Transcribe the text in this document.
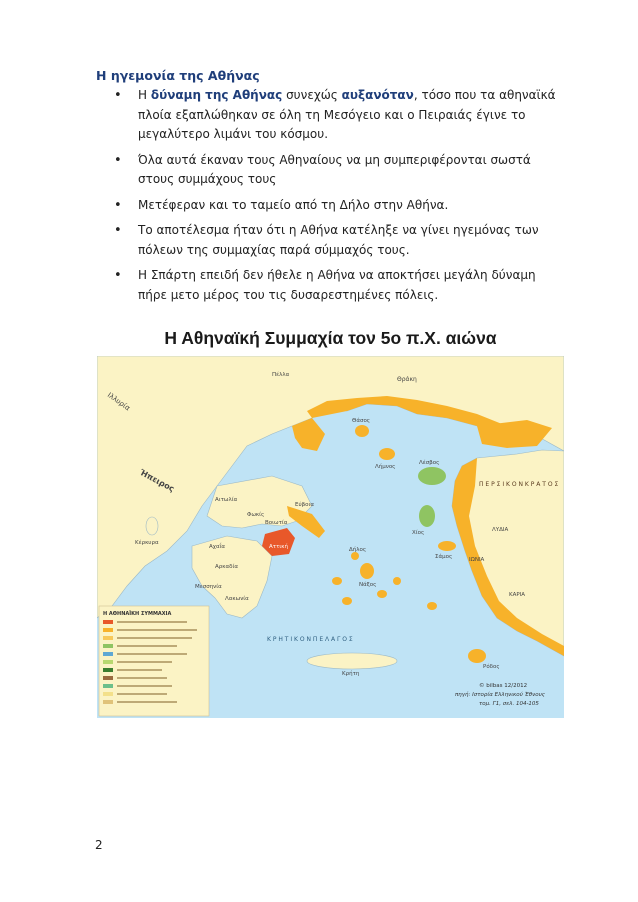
Η ηγεμονία της Αθήνας
• Η δύναμη της Αθήνας συνεχώς αυξανόταν, τόσο που τα αθηναϊκά πλοία εξαπλώθηκαν σε όλη τη Μεσόγειο και ο Πειραιάς έγινε το μεγαλύτερο λιμάνι του κόσμου.
• Όλα αυτά έκαναν τους Αθηναίους να μη συμπεριφέρονται σωστά στους συμμάχους τους
• Μετέφεραν και το ταμείο από τη Δήλο στην Αθήνα.
• Το αποτέλεσμα ήταν ότι η Αθήνα κατέληξε να γίνει ηγεμόνας των πόλεων της συμμαχίας παρά σύμμαχός τους.
• Η Σπάρτη επειδή δεν ήθελε η Αθήνα να αποκτήσει μεγάλη δύναμη πήρε μετο μέρος του τις δυσαρεστημένες πόλεις.
Η Αθηναϊκή Συμμαχία τον 5ο π.Χ. αιώνα
Π Ε Ρ Σ Ι Κ Ο Ν Κ Ρ Α Τ Ο Σ
Κ Ρ Η Τ Ι Κ Ο Ν Π Ε Λ Α Γ Ο Σ
Ήπειρος
Ιλλυρία
Θράκη
ΛΥΔΙΑ
ΚΑΡΙΑ
ΙΩΝΙΑ
Κρήτη
Ρόδος
Αιτωλία
Φωκίς
Βοιωτία
Αχαΐα
Αρκαδία
Μεσσηνία
Λακωνία
Αττική
Εύβοια
Λέσβος
Χίος
Σάμος
Θάσος
Λήμνος
Νάξος
Δήλος
Κέρκυρα
Πέλλα
Η ΑΘΗΝΑΪΚΗ ΣΥΜΜΑΧΙΑ
© bilbas 12/2012
πηγή: Ιστορία Ελληνικού Έθνους
τομ. Γ1, σελ. 104-105
2
